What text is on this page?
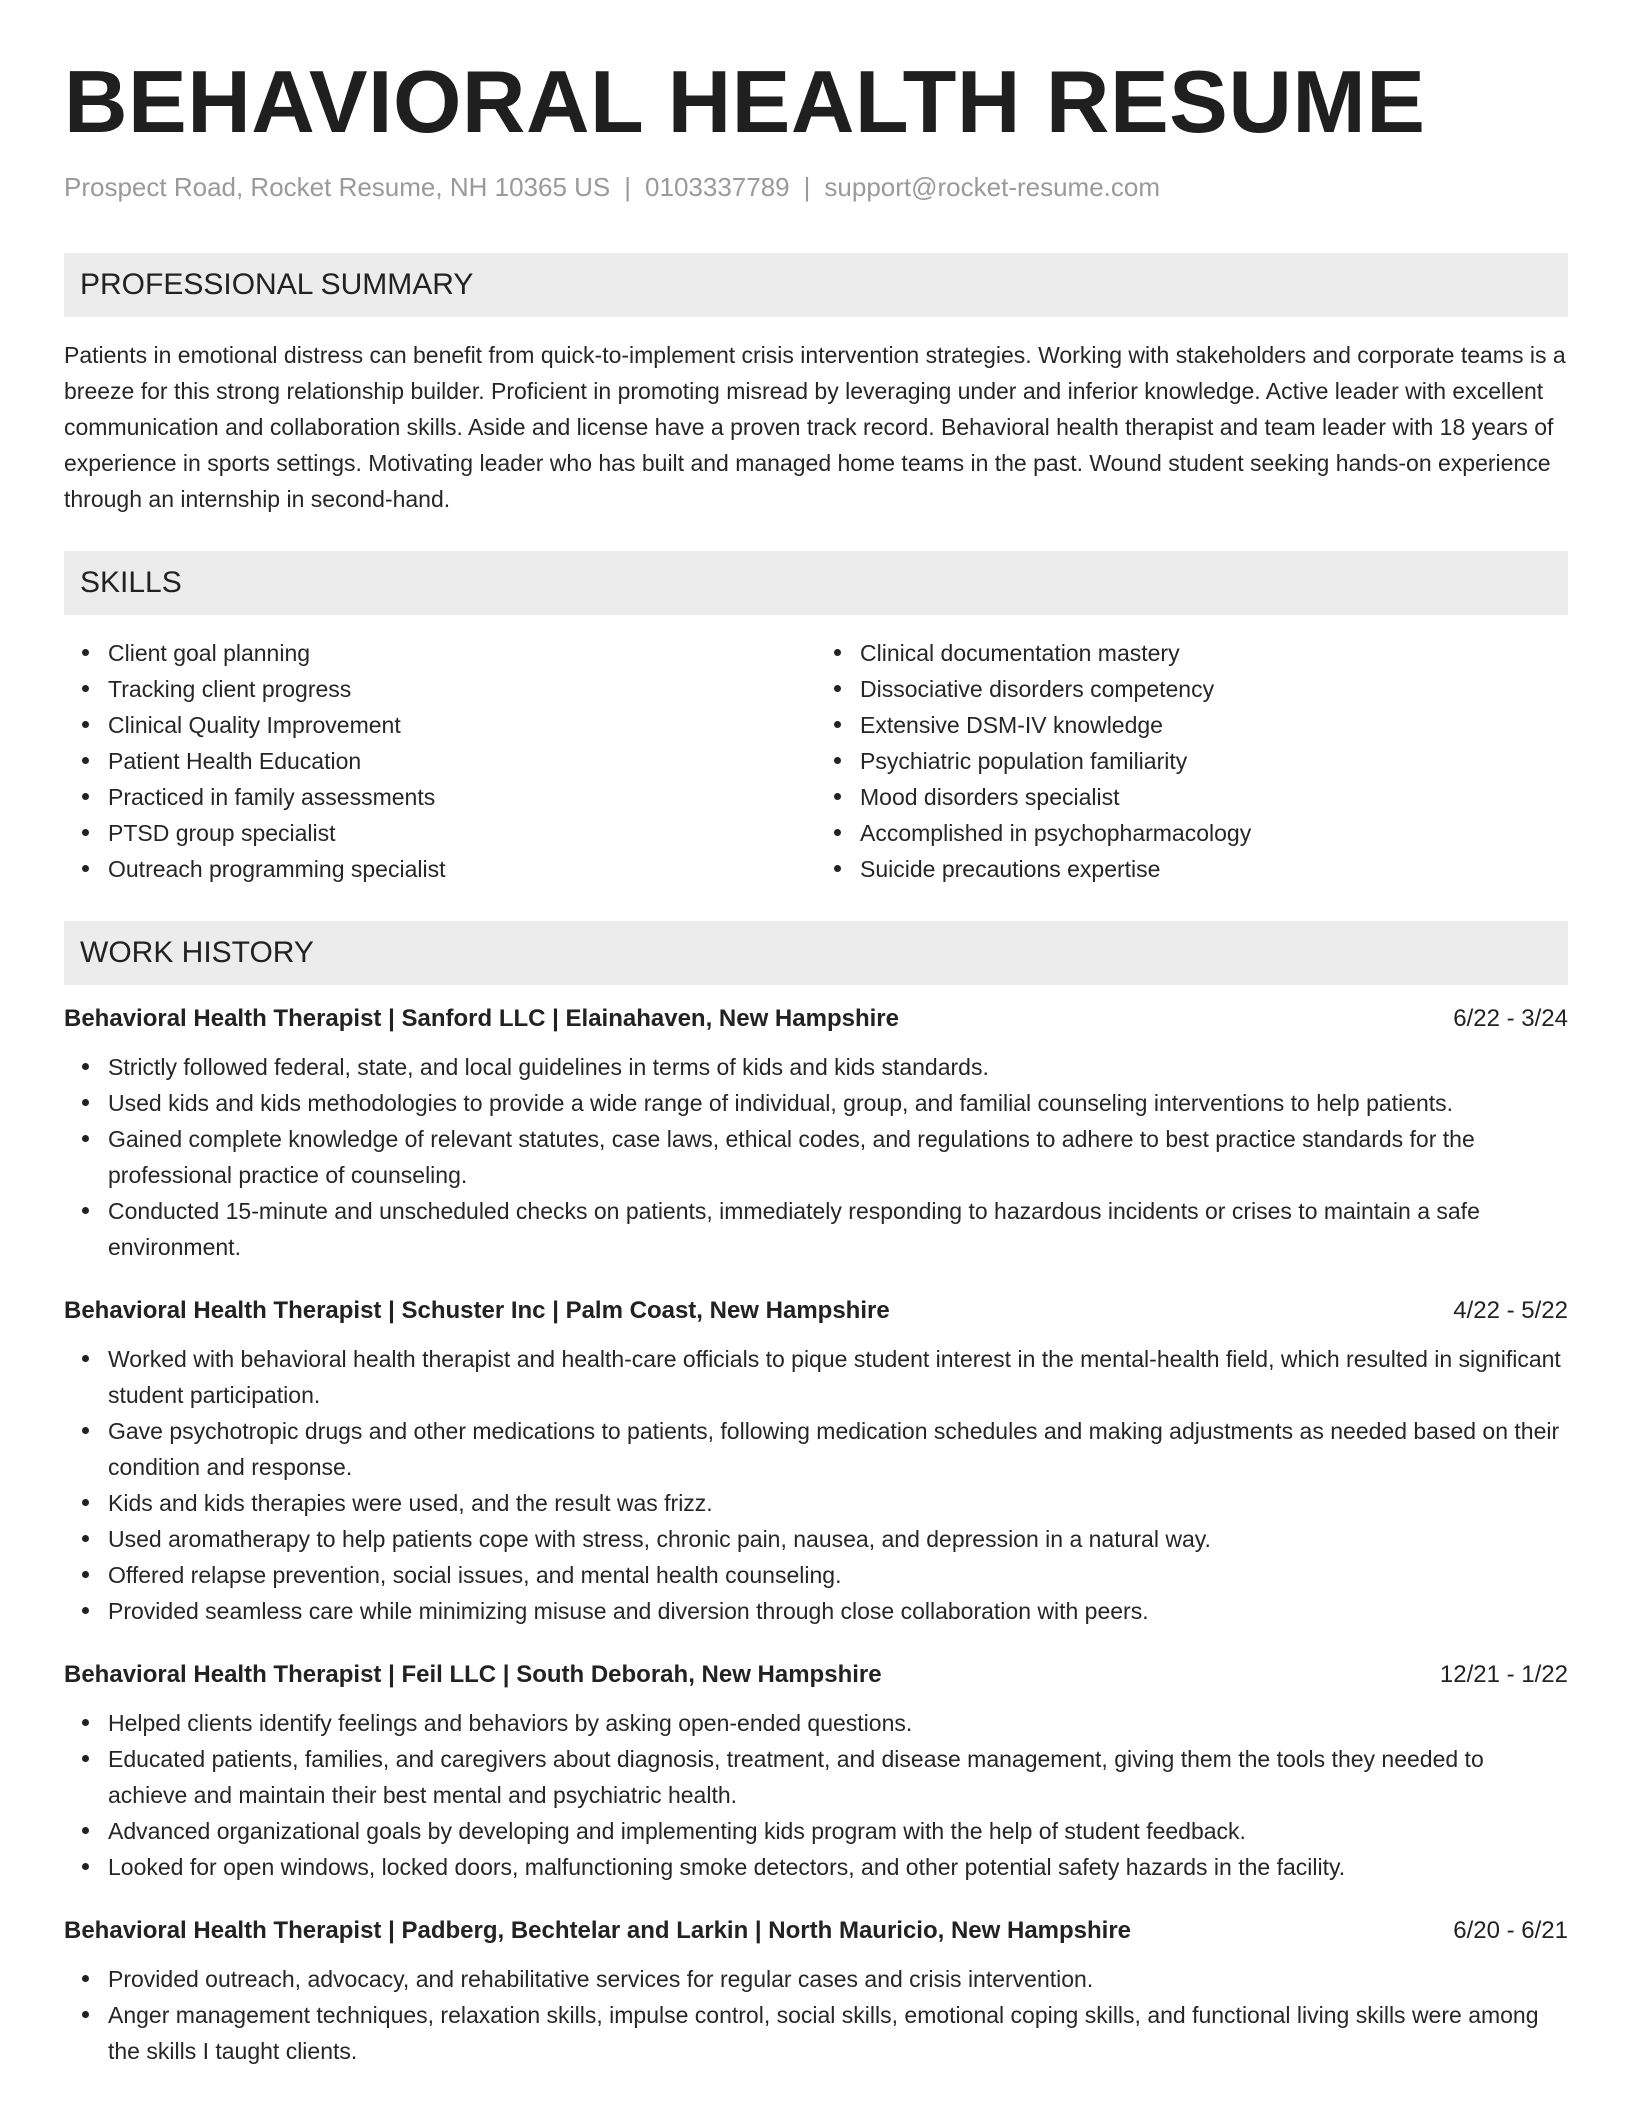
BEHAVIORAL HEALTH RESUME
Prospect Road, Rocket Resume, NH 10365 US | 0103337789 | support@rocket-resume.com
PROFESSIONAL SUMMARY

Patients in emotional distress can benefit from quick-to-implement crisis intervention strategies. Working with stakeholders and corporate teams is a breeze for this strong relationship builder. Proficient in promoting misread by leveraging under and inferior knowledge. Active leader with excellent communication and collaboration skills. Aside and license have a proven track record. Behavioral health therapist and team leader with 18 years of experience in sports settings. Motivating leader who has built and managed home teams in the past. Wound student seeking hands-on experience through an internship in second-hand.

SKILLS
Client goal planning
Tracking client progress
Clinical Quality Improvement
Patient Health Education
Practiced in family assessments
PTSD group specialist
Outreach programming specialist
Clinical documentation mastery
Dissociative disorders competency
Extensive DSM-IV knowledge
Psychiatric population familiarity
Mood disorders specialist
Accomplished in psychopharmacology
Suicide precautions expertise
WORK HISTORY
Behavioral Health Therapist | Sanford LLC | Elainahaven, New Hampshire	6/22 - 3/24
Strictly followed federal, state, and local guidelines in terms of kids and kids standards.
Used kids and kids methodologies to provide a wide range of individual, group, and familial counseling interventions to help patients.
Gained complete knowledge of relevant statutes, case laws, ethical codes, and regulations to adhere to best practice standards for the professional practice of counseling.
Conducted 15-minute and unscheduled checks on patients, immediately responding to hazardous incidents or crises to maintain a safe environment.
Behavioral Health Therapist | Schuster Inc | Palm Coast, New Hampshire	4/22 - 5/22
Worked with behavioral health therapist and health-care officials to pique student interest in the mental-health field, which resulted in significant student participation.
Gave psychotropic drugs and other medications to patients, following medication schedules and making adjustments as needed based on their condition and response.
Kids and kids therapies were used, and the result was frizz.
Used aromatherapy to help patients cope with stress, chronic pain, nausea, and depression in a natural way.
Offered relapse prevention, social issues, and mental health counseling.
Provided seamless care while minimizing misuse and diversion through close collaboration with peers.
Behavioral Health Therapist | Feil LLC | South Deborah, New Hampshire	12/21 - 1/22
Helped clients identify feelings and behaviors by asking open-ended questions.
Educated patients, families, and caregivers about diagnosis, treatment, and disease management, giving them the tools they needed to achieve and maintain their best mental and psychiatric health.
Advanced organizational goals by developing and implementing kids program with the help of student feedback.
Looked for open windows, locked doors, malfunctioning smoke detectors, and other potential safety hazards in the facility.
Behavioral Health Therapist | Padberg, Bechtelar and Larkin | North Mauricio, New Hampshire	6/20 - 6/21
Provided outreach, advocacy, and rehabilitative services for regular cases and crisis intervention.
Anger management techniques, relaxation skills, impulse control, social skills, emotional coping skills, and functional living skills were among the skills I taught clients.
